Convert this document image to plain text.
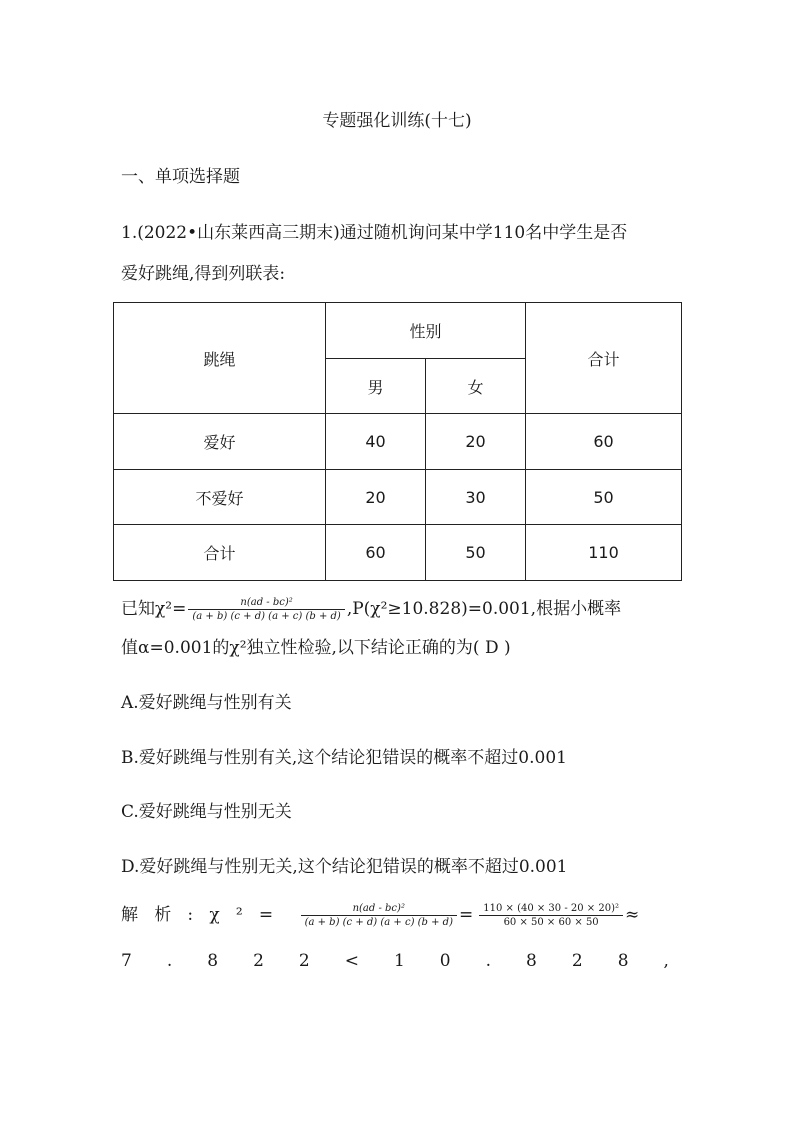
专题强化训练(十七)
一、单项选择题
1.(2022•山东莱西高三期末)通过随机询问某中学110名中学生是否
爱好跳绳,得到列联表:
跳绳	性别		合计
	男	女	
爱好	40	20	60
不爱好	20	30	50
合计	60	50	110
已知$\chi^2= \frac{\text{n(ad - bc)²}}{(a + b) (c + d) (a + c) (b + d)} ,P(\chi^2\ge 10.828)=0.001$,根据小概率
值α=0.001的χ²独立性检验,以下结论正确的为( D )
A.爱好跳绳与性别有关
B.爱好跳绳与性别有关,这个结论犯错误的概率不超过0.001
C.爱好跳绳与性别无关
D.爱好跳绳与性别无关,这个结论犯错误的概率不超过0.001
解   析   :   χ   ²   =	$\frac{\text{n(ad - bc)²}}{(a + b) (c + d) (a + c) (b + d)} = \frac{\text{110 × (40 × 30 - 20 × 20)²}}{60 \times 50 \times 60 \times 50}$ ≈
7 . 8 2 2 < 1 0 . 8 2 8 ,
